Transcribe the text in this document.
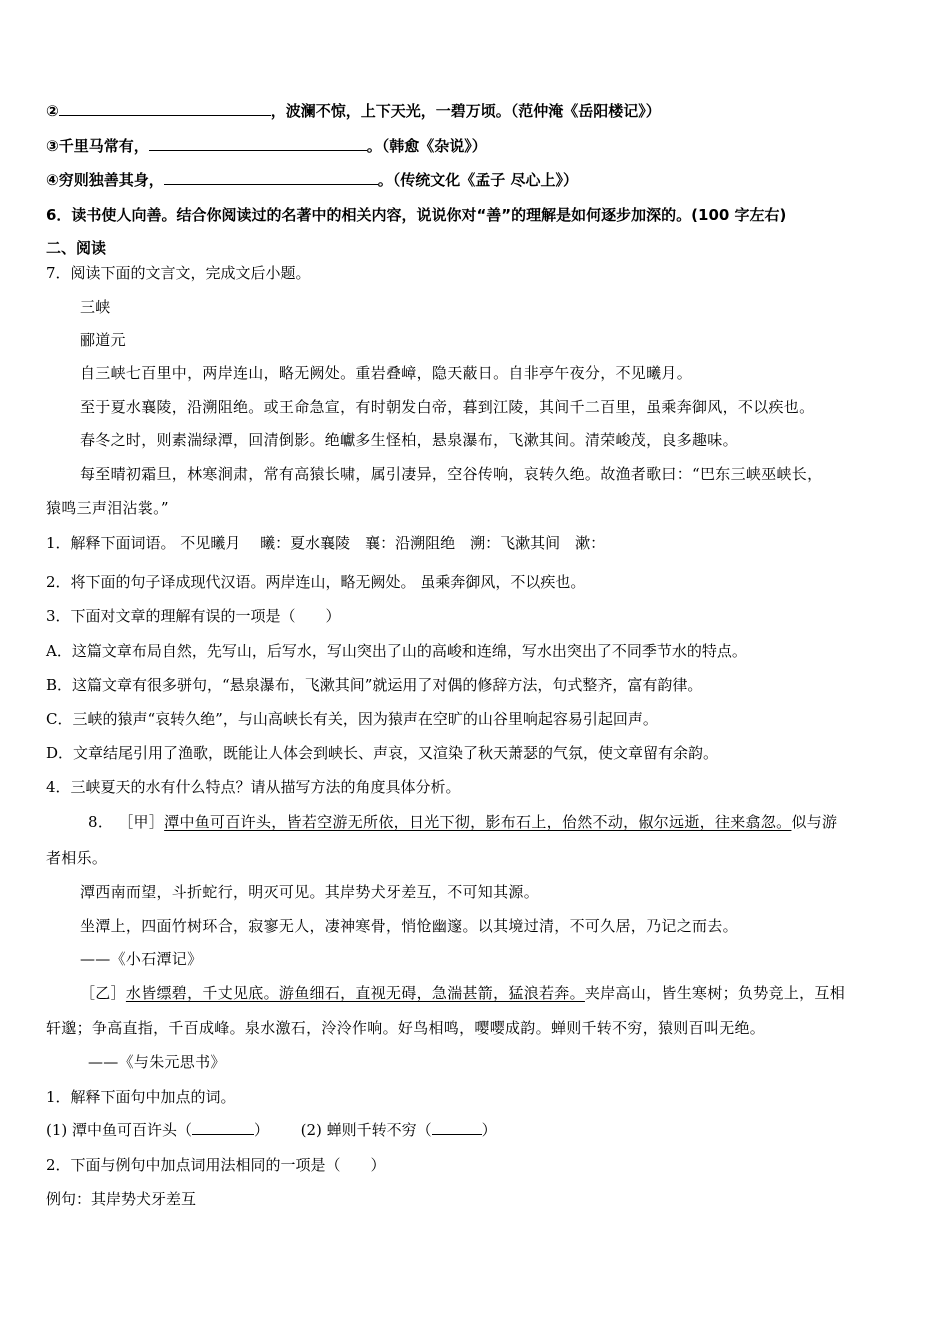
②	，波澜不惊，上下天光，一碧万顷。（范仲淹《岳阳楼记》）
③千里马常有，	。（韩愈《杂说》）
④穷则独善其身，	。（传统文化《孟子 尽心上》）
6．读书使人向善。结合你阅读过的名著中的相关内容，说说你对“善”的理解是如何逐步加深的。(100 字左右)
二、阅读
7．阅读下面的文言文，完成文后小题。
三峡
郦道元
自三峡七百里中，两岸连山，略无阙处。重岩叠嶂，隐天蔽日。自非亭午夜分，不见曦月。
至于夏水襄陵，沿溯阻绝。或王命急宣，有时朝发白帝，暮到江陵，其间千二百里，虽乘奔御风，不以疾也。
春冬之时，则素湍绿潭，回清倒影。绝巘多生怪柏，悬泉瀑布，飞漱其间。清荣峻茂，良多趣味。
每至晴初霜旦，林寒涧肃，常有高猿长啸，属引凄异，空谷传响，哀转久绝。故渔者歌曰：“巴东三峡巫峡长，
猿鸣三声泪沾裳。”
1．解释下面词语。 不见曦月　 曦：夏水襄陵　襄：沿溯阻绝　溯：飞漱其间　漱：
2．将下面的句子译成现代汉语。两岸连山，略无阙处。 虽乘奔御风，不以疾也。
3．下面对文章的理解有误的一项是（　　）
A．这篇文章布局自然，先写山，后写水，写山突出了山的高峻和连绵，写水出突出了不同季节水的特点。
B．这篇文章有很多骈句，“悬泉瀑布，飞漱其间”就运用了对偶的修辞方法，句式整齐，富有韵律。
C．三峡的猿声“哀转久绝”，与山高峡长有关，因为猿声在空旷的山谷里响起容易引起回声。
D．文章结尾引用了渔歌，既能让人体会到峡长、声哀，又渲染了秋天萧瑟的气氛，使文章留有余韵。
4．三峡夏天的水有什么特点？请从描写方法的角度具体分析。
8． ［甲］潭中鱼可百许头，皆若空游无所依，日光下彻，影布石上，佁然不动，俶尔远逝，往来翕忽。似与游
者相乐。
潭西南而望，斗折蛇行，明灭可见。其岸势犬牙差互，不可知其源。
坐潭上，四面竹树环合，寂寥无人，凄神寒骨，悄怆幽邃。以其境过清，不可久居，乃记之而去。
——《小石潭记》
［乙］水皆缥碧，千丈见底。游鱼细石，直视无碍，急湍甚箭，猛浪若奔。夹岸高山，皆生寒树；负势竞上，互相
轩邈；争高直指，千百成峰。泉水激石，泠泠作响。好鸟相鸣，嘤嘤成韵。蝉则千转不穷，猿则百叫无绝。
——《与朱元思书》
1．解释下面句中加点的词。
(1) 潭中鱼可百许头（	） (2) 蝉则千转不穷（	）
2．下面与例句中加点词用法相同的一项是（　　）
例句：其岸势犬牙差互
